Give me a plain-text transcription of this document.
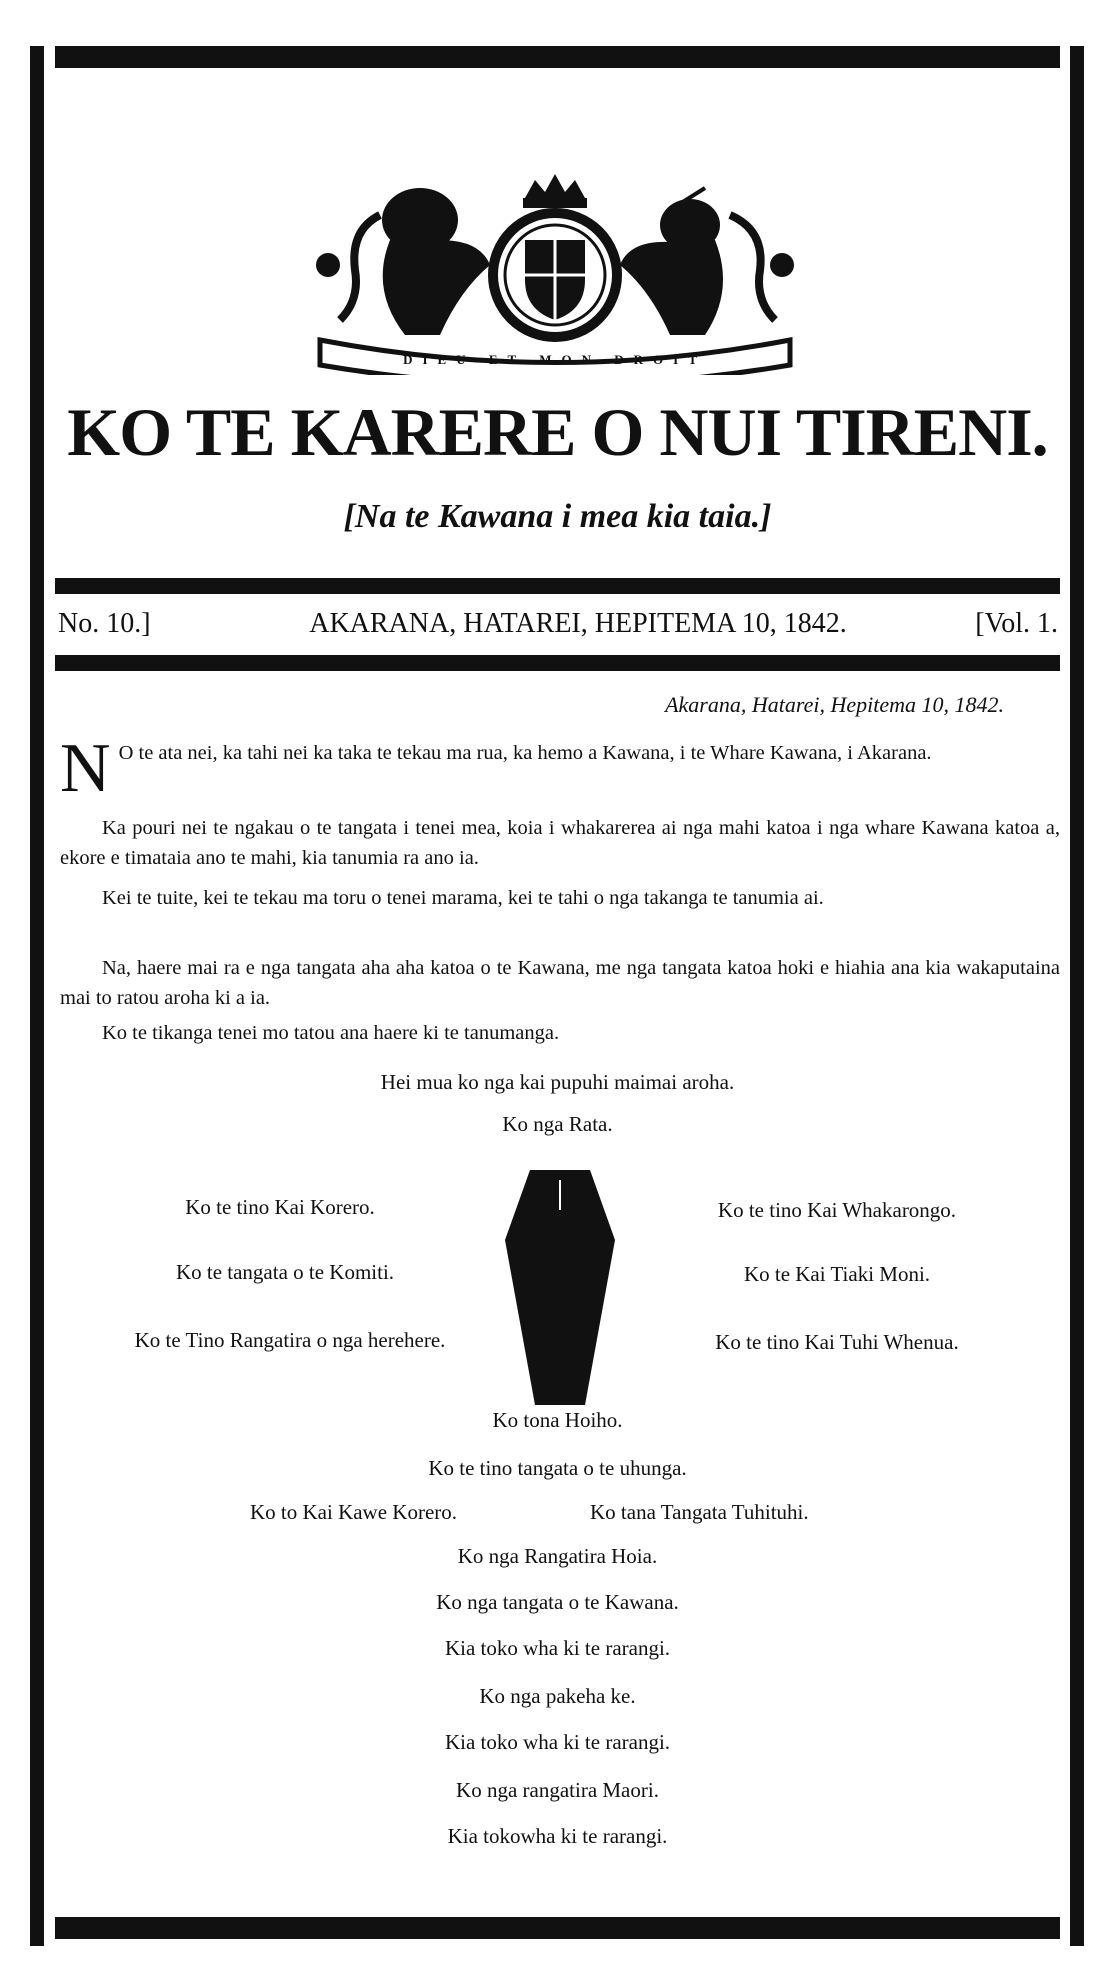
DIEU ET MON DROIT
KO TE KARERE O NUI TIRENI.
[Na te Kawana i mea kia taia.]
No. 10.]	AKARANA, HATAREI, HEPITEMA 10, 1842.	[Vol. 1.
Akarana, Hatarei, Hepitema 10, 1842.
N O te ata nei, ka tahi nei ka taka te tekau ma rua, ka hemo a Kawana, i te Whare Kawana, i Akarana.
Ka pouri nei te ngakau o te tangata i tenei mea, koia i whakarerea ai nga mahi katoa i nga whare Kawana katoa a, ekore e timataia ano te mahi, kia tanumia ra ano ia.
Kei te tuite, kei te tekau ma toru o tenei marama, kei te tahi o nga takanga te tanumia ai.
Na, haere mai ra e nga tangata aha aha katoa o te Kawana, me nga tangata katoa hoki e hiahia ana kia wakaputaina mai to ratou aroha ki a ia.
Ko te tikanga tenei mo tatou ana haere ki te tanumanga.
Hei mua ko nga kai pupuhi maimai aroha.
Ko nga Rata.
Ko te tino Kai Korero.
Ko te tangata o te Komiti.
Ko te Tino Rangatira o nga herehere.
Ko te tino Kai Whakarongo.
Ko te Kai Tiaki Moni.
Ko te tino Kai Tuhi Whenua.
Ko tona Hoiho.
Ko te tino tangata o te uhunga.
Ko to Kai Kawe Korero.	Ko tana Tangata Tuhituhi.
Ko nga Rangatira Hoia.
Ko nga tangata o te Kawana.
Kia toko wha ki te rarangi.
Ko nga pakeha ke.
Kia toko wha ki te rarangi.
Ko nga rangatira Maori.
Kia tokowha ki te rarangi.
